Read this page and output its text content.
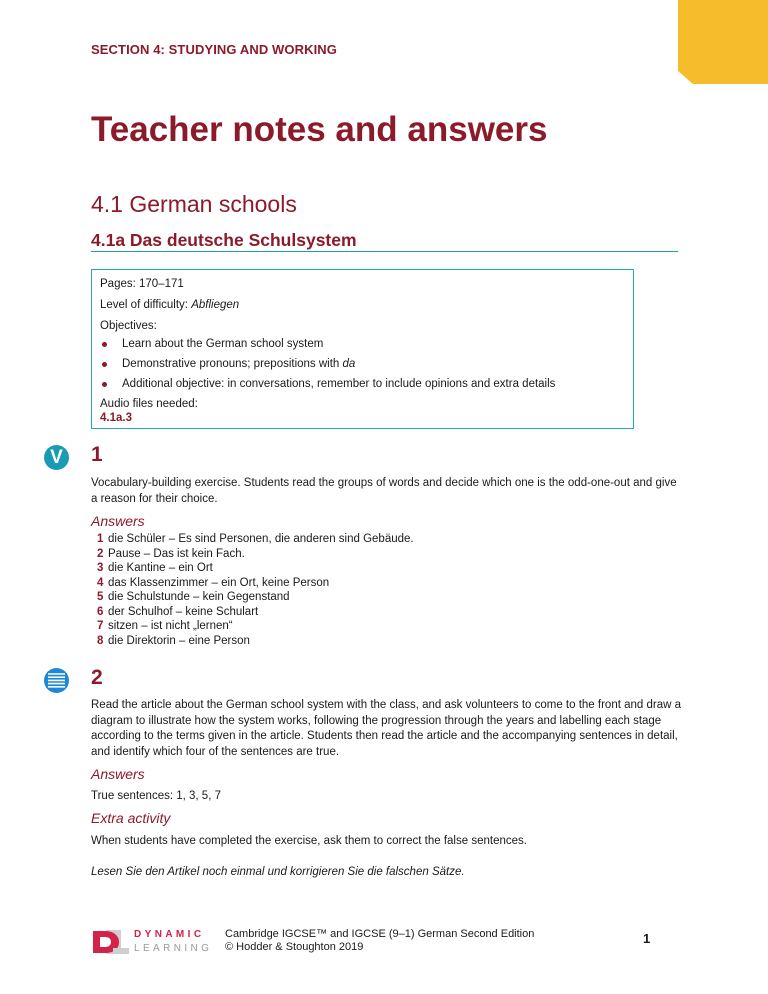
SECTION 4: STUDYING AND WORKING
Teacher notes and answers
4.1 German schools
4.1a Das deutsche Schulsystem
Pages: 170–171
Level of difficulty: Abfliegen
Objectives:
Learn about the German school system
Demonstrative pronouns; prepositions with da
Additional objective: in conversations, remember to include opinions and extra details
Audio files needed:
4.1a.3
V 1
Vocabulary-building exercise. Students read the groups of words and decide which one is the odd-one-out and give a reason for their choice.
Answers
1 die Schüler – Es sind Personen, die anderen sind Gebäude.
2 Pause – Das ist kein Fach.
3 die Kantine – ein Ort
4 das Klassenzimmer – ein Ort, keine Person
5 die Schulstunde – kein Gegenstand
6 der Schulhof – keine Schulart
7 sitzen – ist nicht „lernen“
8 die Direktorin – eine Person
2
Read the article about the German school system with the class, and ask volunteers to come to the front and draw a diagram to illustrate how the system works, following the progression through the years and labelling each stage according to the terms given in the article. Students then read the article and the accompanying sentences in detail, and identify which four of the sentences are true.
Answers
True sentences: 1, 3, 5, 7
Extra activity
When students have completed the exercise, ask them to correct the false sentences.
Lesen Sie den Artikel noch einmal und korrigieren Sie die falschen Sätze.
DYNAMIC
LEARNING
Cambridge IGCSE™ and IGCSE (9–1) German Second Edition
© Hodder & Stoughton 2019
1
